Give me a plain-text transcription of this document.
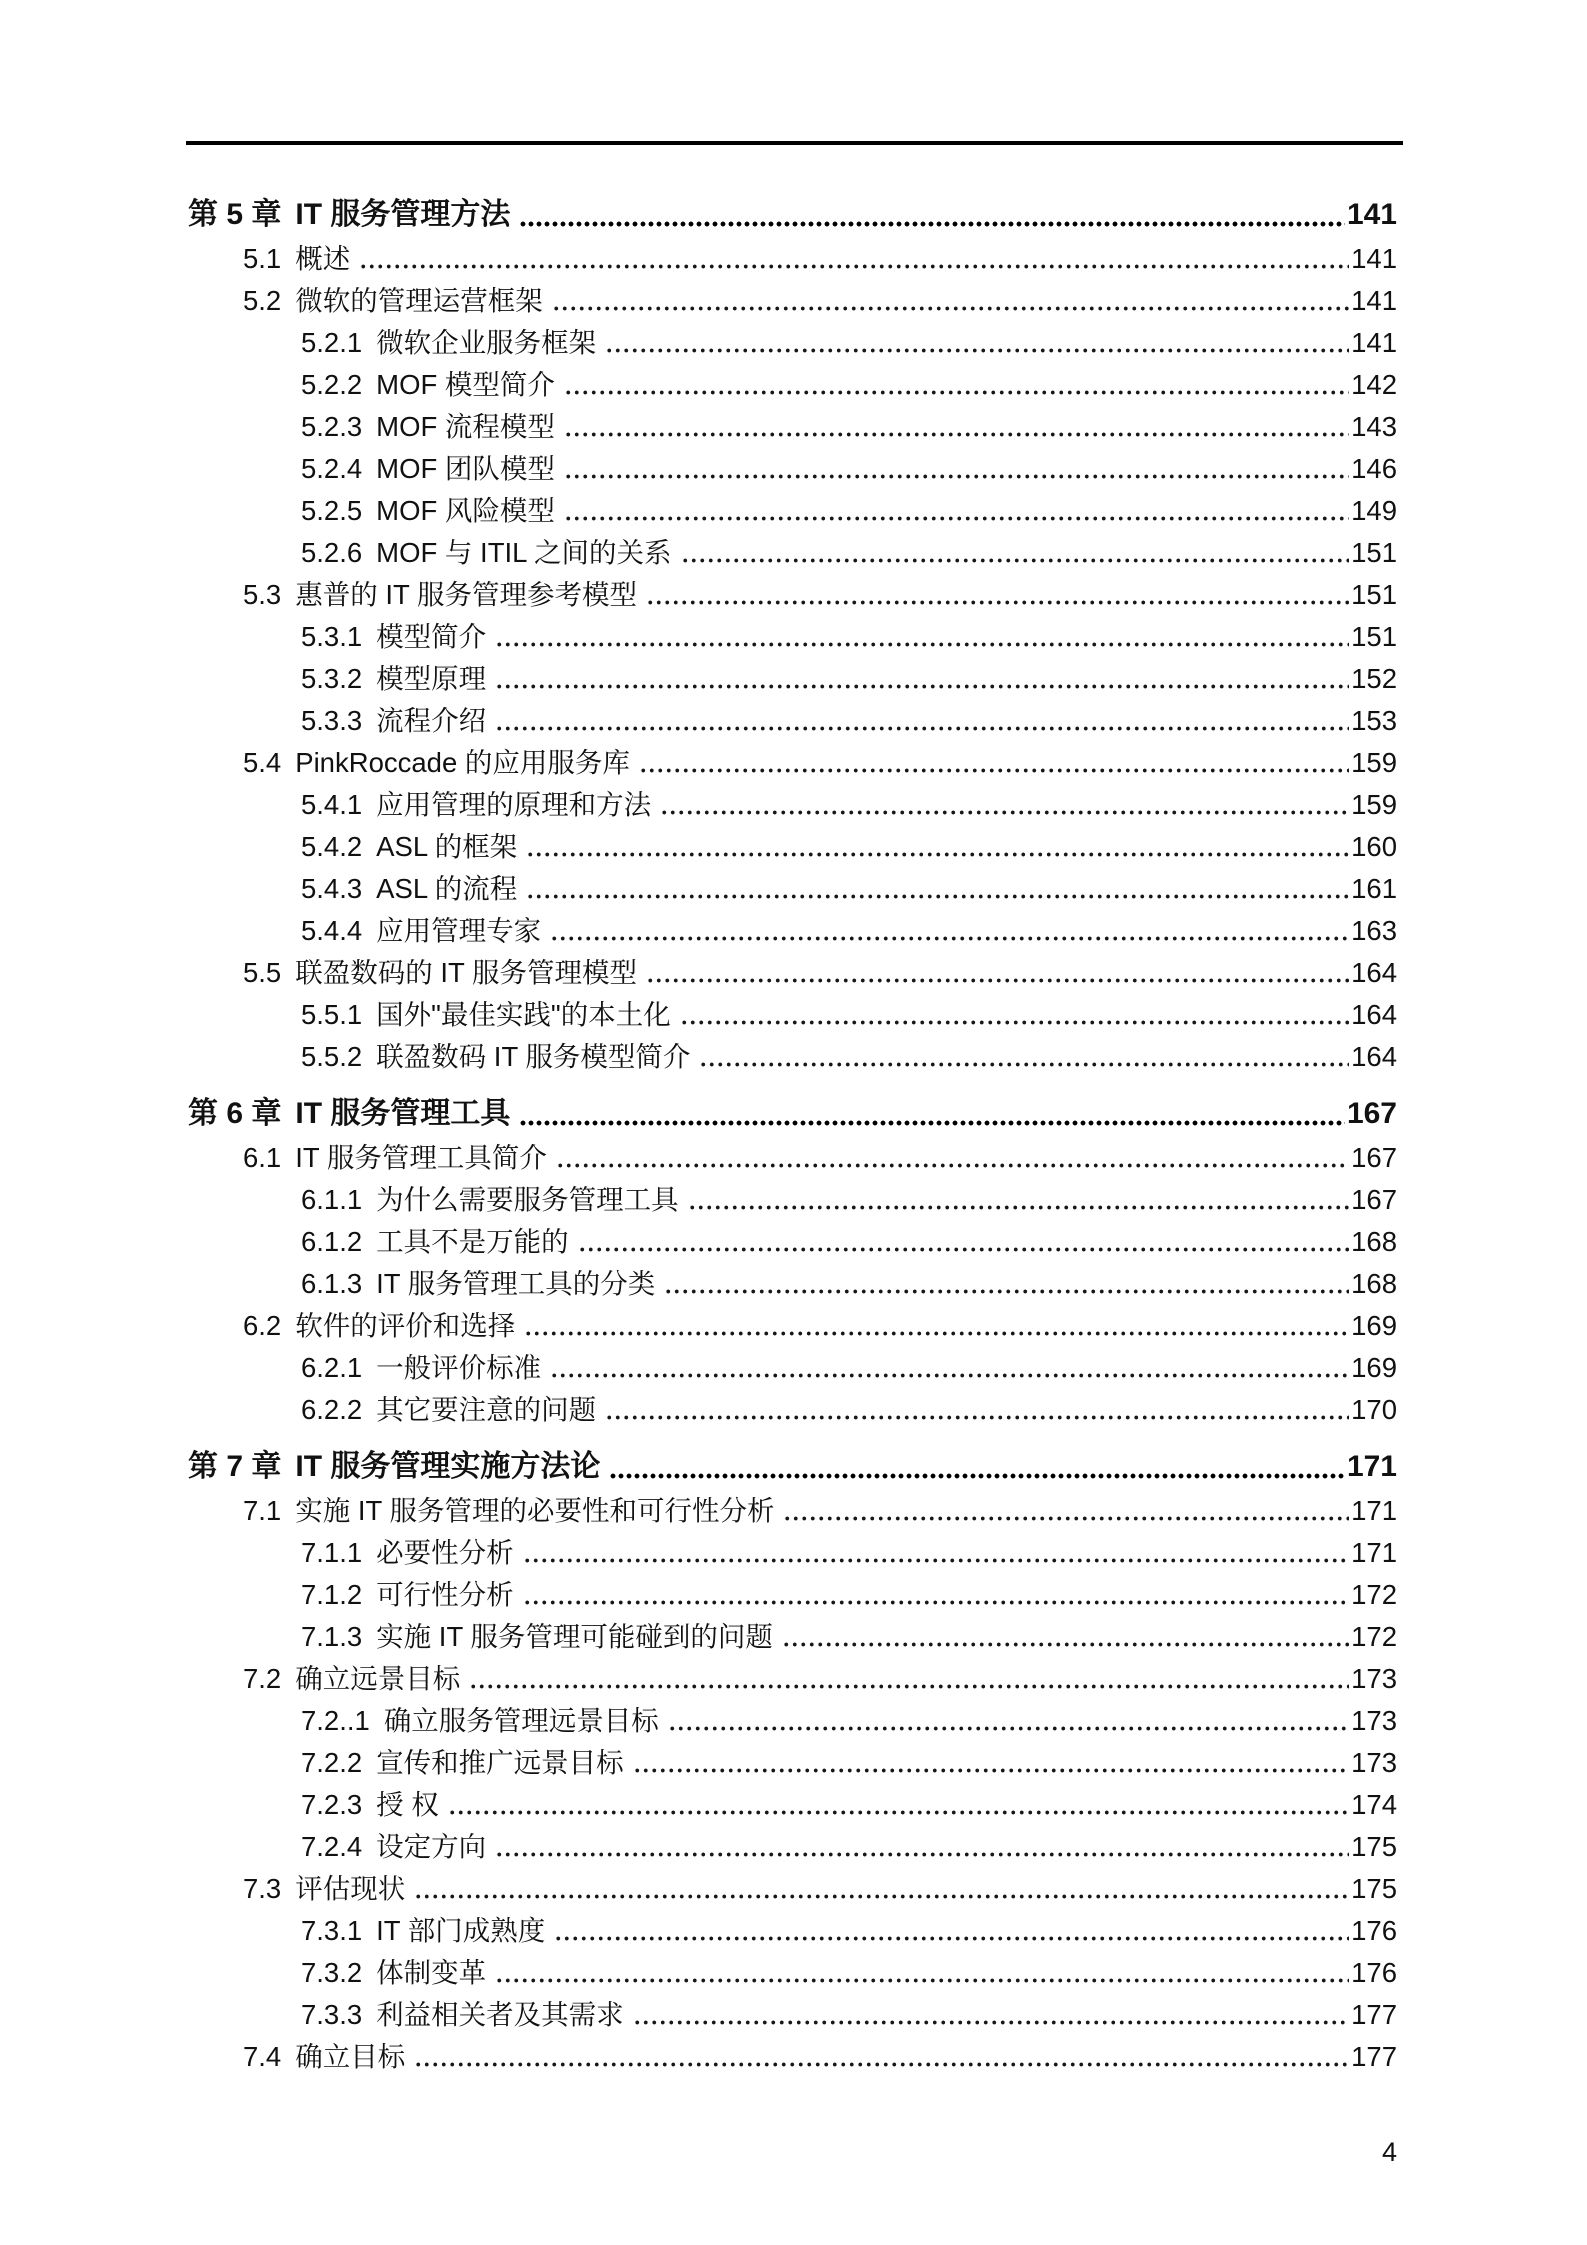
第 5 章 IT 服务管理方法	141
5.1 概述	141
5.2 微软的管理运营框架	141
5.2.1 微软企业服务框架	141
5.2.2 MOF 模型简介	142
5.2.3 MOF 流程模型	143
5.2.4 MOF 团队模型	146
5.2.5 MOF 风险模型	149
5.2.6 MOF 与 ITIL 之间的关系	151
5.3 惠普的 IT 服务管理参考模型	151
5.3.1 模型简介	151
5.3.2 模型原理	152
5.3.3 流程介绍	153
5.4 PinkRoccade 的应用服务库	159
5.4.1 应用管理的原理和方法	159
5.4.2 ASL 的框架	160
5.4.3 ASL 的流程	161
5.4.4 应用管理专家	163
5.5 联盈数码的 IT 服务管理模型	164
5.5.1 国外"最佳实践"的本土化	164
5.5.2 联盈数码 IT 服务模型简介	164
第 6 章 IT 服务管理工具	167
6.1 IT 服务管理工具简介	167
6.1.1 为什么需要服务管理工具	167
6.1.2 工具不是万能的	168
6.1.3 IT 服务管理工具的分类	168
6.2 软件的评价和选择	169
6.2.1 一般评价标准	169
6.2.2 其它要注意的问题	170
第 7 章 IT 服务管理实施方法论	171
7.1 实施 IT 服务管理的必要性和可行性分析	171
7.1.1 必要性分析	171
7.1.2 可行性分析	172
7.1.3 实施 IT 服务管理可能碰到的问题	172
7.2 确立远景目标	173
7.2..1 确立服务管理远景目标	173
7.2.2 宣传和推广远景目标	173
7.2.3 授 权	174
7.2.4 设定方向	175
7.3 评估现状	175
7.3.1 IT 部门成熟度	176
7.3.2 体制变革	176
7.3.3 利益相关者及其需求	177
7.4 确立目标	177
4
